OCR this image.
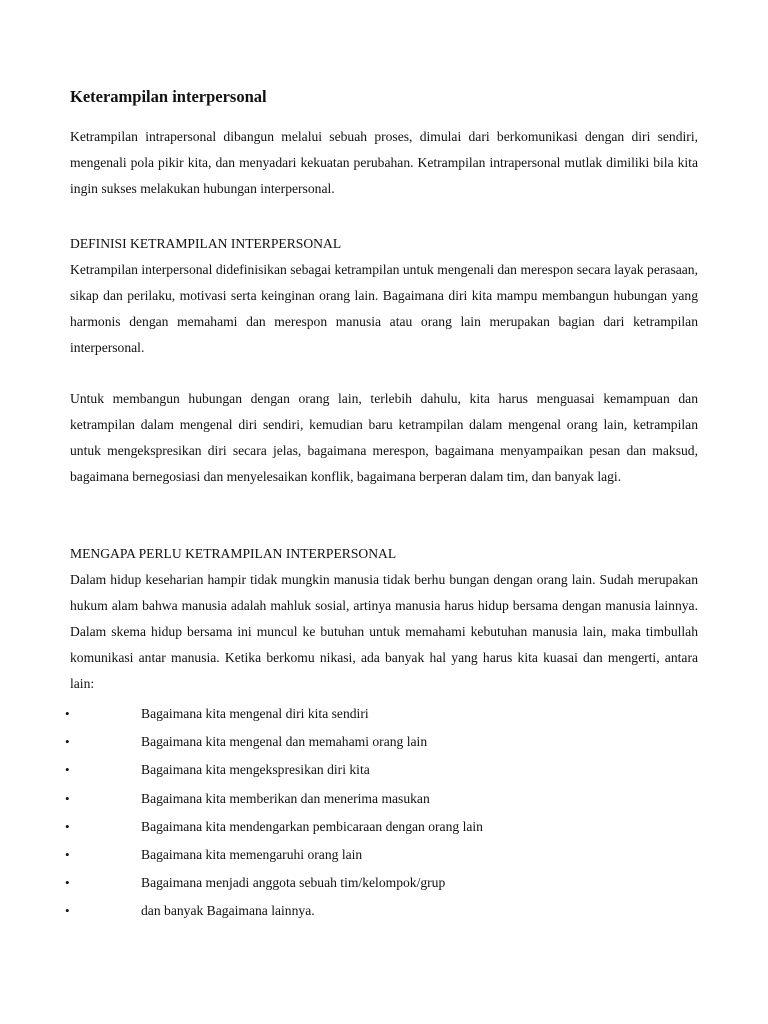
Keterampilan interpersonal

Ketrampilan intrapersonal dibangun melalui sebuah proses, dimulai dari berkomunikasi dengan diri sendiri, mengenali pola pikir kita, dan menyadari kekuatan perubahan. Ketrampilan intrapersonal mutlak dimiliki bila kita ingin sukses melakukan hubungan interpersonal.

DEFINISI KETRAMPILAN INTERPERSONAL

Ketrampilan interpersonal didefinisikan sebagai ketrampilan untuk mengenali dan merespon secara layak perasaan, sikap dan perilaku, motivasi serta keinginan orang lain. Bagaimana diri kita mampu membangun hubungan yang harmonis dengan memahami dan merespon manusia atau orang lain merupakan bagian dari ketrampilan interpersonal.

Untuk membangun hubungan dengan orang lain, terlebih dahulu, kita harus menguasai kemampuan dan ketrampilan dalam mengenal diri sendiri, kemudian baru ketrampilan dalam mengenal orang lain, ketrampilan untuk mengekspresikan diri secara jelas, bagaimana merespon, bagaimana menyampaikan pesan dan maksud, bagaimana bernegosiasi dan menyelesaikan konflik, bagaimana berperan dalam tim, dan banyak lagi.

MENGAPA PERLU KETRAMPILAN INTERPERSONAL

Dalam hidup keseharian hampir tidak mungkin manusia tidak berhu bungan dengan orang lain. Sudah merupakan hukum alam bahwa manusia adalah mahluk sosial, artinya manusia harus hidup bersama dengan manusia lainnya. Dalam skema hidup bersama ini muncul ke butuhan untuk memahami kebutuhan manusia lain, maka timbullah komunikasi antar manusia. Ketika berkomu nikasi, ada banyak hal yang harus kita kuasai dan mengerti, antara lain:

•	Bagaimana kita mengenal diri kita sendiri
•	Bagaimana kita mengenal dan memahami orang lain
•	Bagaimana kita mengekspresikan diri kita
•	Bagaimana kita memberikan dan menerima masukan
•	Bagaimana kita mendengarkan pembicaraan dengan orang lain
•	Bagaimana kita memengaruhi orang lain
•	Bagaimana menjadi anggota sebuah tim/kelompok/grup
•	dan banyak Bagaimana lainnya.
